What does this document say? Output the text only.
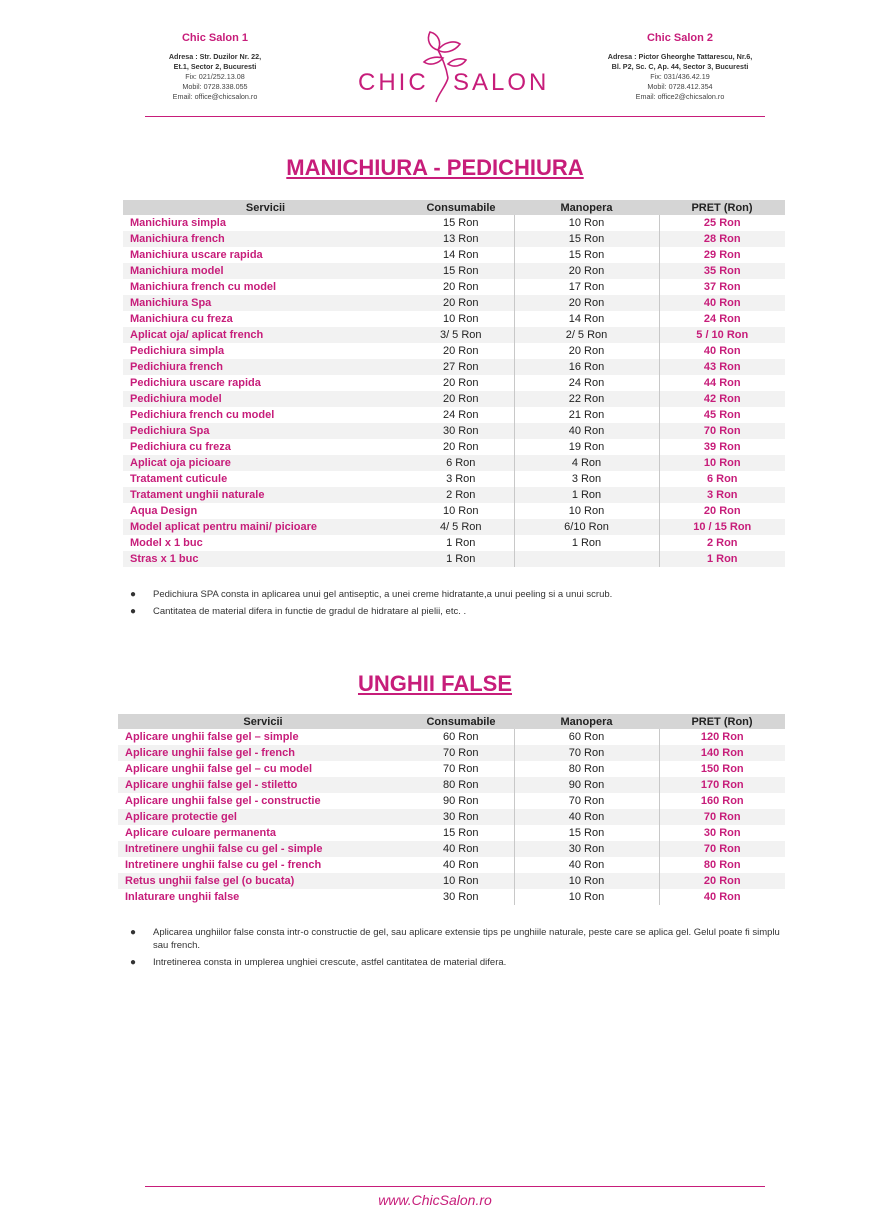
Chic Salon 1
Adresa : Str. Duzilor Nr. 22,
Et.1, Sector 2, Bucuresti
Fix: 021/252.13.08
Mobil: 0728.338.055
Email: office@chicsalon.ro
CHIC SALON
Chic Salon 2
Adresa : Pictor Gheorghe Tattarescu, Nr.6,
Bl. P2, Sc. C, Ap. 44, Sector 3, Bucuresti
Fix: 031/436.42.19
Mobil: 0728.412.354
Email: office2@chicsalon.ro
MANICHIURA - PEDICHIURA
Servicii	Consumabile	Manopera	PRET (Ron)
Manichiura simpla	15 Ron	10 Ron	25 Ron
Manichiura french	13 Ron	15 Ron	28 Ron
Manichiura uscare rapida	14 Ron	15 Ron	29 Ron
Manichiura model	15 Ron	20 Ron	35 Ron
Manichiura french cu model	20 Ron	17 Ron	37 Ron
Manichiura Spa	20 Ron	20 Ron	40 Ron
Manichiura cu freza	10 Ron	14 Ron	24 Ron
Aplicat oja/ aplicat french	3/ 5 Ron	2/ 5 Ron	5 / 10 Ron
Pedichiura simpla	20 Ron	20 Ron	40 Ron
Pedichiura french	27 Ron	16 Ron	43 Ron
Pedichiura uscare rapida	20 Ron	24 Ron	44 Ron
Pedichiura model	20 Ron	22 Ron	42 Ron
Pedichiura french cu model	24 Ron	21 Ron	45 Ron
Pedichiura Spa	30 Ron	40 Ron	70 Ron
Pedichiura cu freza	20 Ron	19 Ron	39 Ron
Aplicat oja picioare	6 Ron	4 Ron	10 Ron
Tratament cuticule	3 Ron	3 Ron	6 Ron
Tratament unghii naturale	2 Ron	1 Ron	3 Ron
Aqua Design	10 Ron	10 Ron	20 Ron
Model aplicat pentru maini/ picioare	4/ 5 Ron	6/10 Ron	10 / 15 Ron
Model x 1 buc	1 Ron	1 Ron	2 Ron
Stras x 1 buc	1 Ron		1 Ron
● Pedichiura SPA consta in aplicarea unui gel antiseptic, a unei creme hidratante,a unui peeling si a unui scrub.
● Cantitatea de material difera in functie de gradul de hidratare al pielii, etc. .
UNGHII FALSE
Servicii	Consumabile	Manopera	PRET (Ron)
Aplicare unghii false gel – simple	60 Ron	60 Ron	120 Ron
Aplicare unghii false gel - french	70 Ron	70 Ron	140 Ron
Aplicare unghii false gel – cu model	70 Ron	80 Ron	150 Ron
Aplicare unghii false gel - stiletto	80 Ron	90 Ron	170 Ron
Aplicare unghii false gel - constructie	90 Ron	70 Ron	160 Ron
Aplicare protectie gel	30 Ron	40 Ron	70 Ron
Aplicare culoare permanenta	15 Ron	15 Ron	30 Ron
Intretinere unghii false cu gel - simple	40 Ron	30 Ron	70 Ron
Intretinere unghii false cu gel - french	40 Ron	40 Ron	80 Ron
Retus unghii false gel (o bucata)	10 Ron	10 Ron	20 Ron
Inlaturare unghii false	30 Ron	10 Ron	40 Ron
● Aplicarea unghiilor false consta intr-o constructie de gel, sau aplicare extensie tips pe unghiile naturale, peste care se aplica gel. Gelul poate fi simplu sau french.
● Intretinerea consta in umplerea unghiei crescute, astfel cantitatea de material difera.
www.ChicSalon.ro
